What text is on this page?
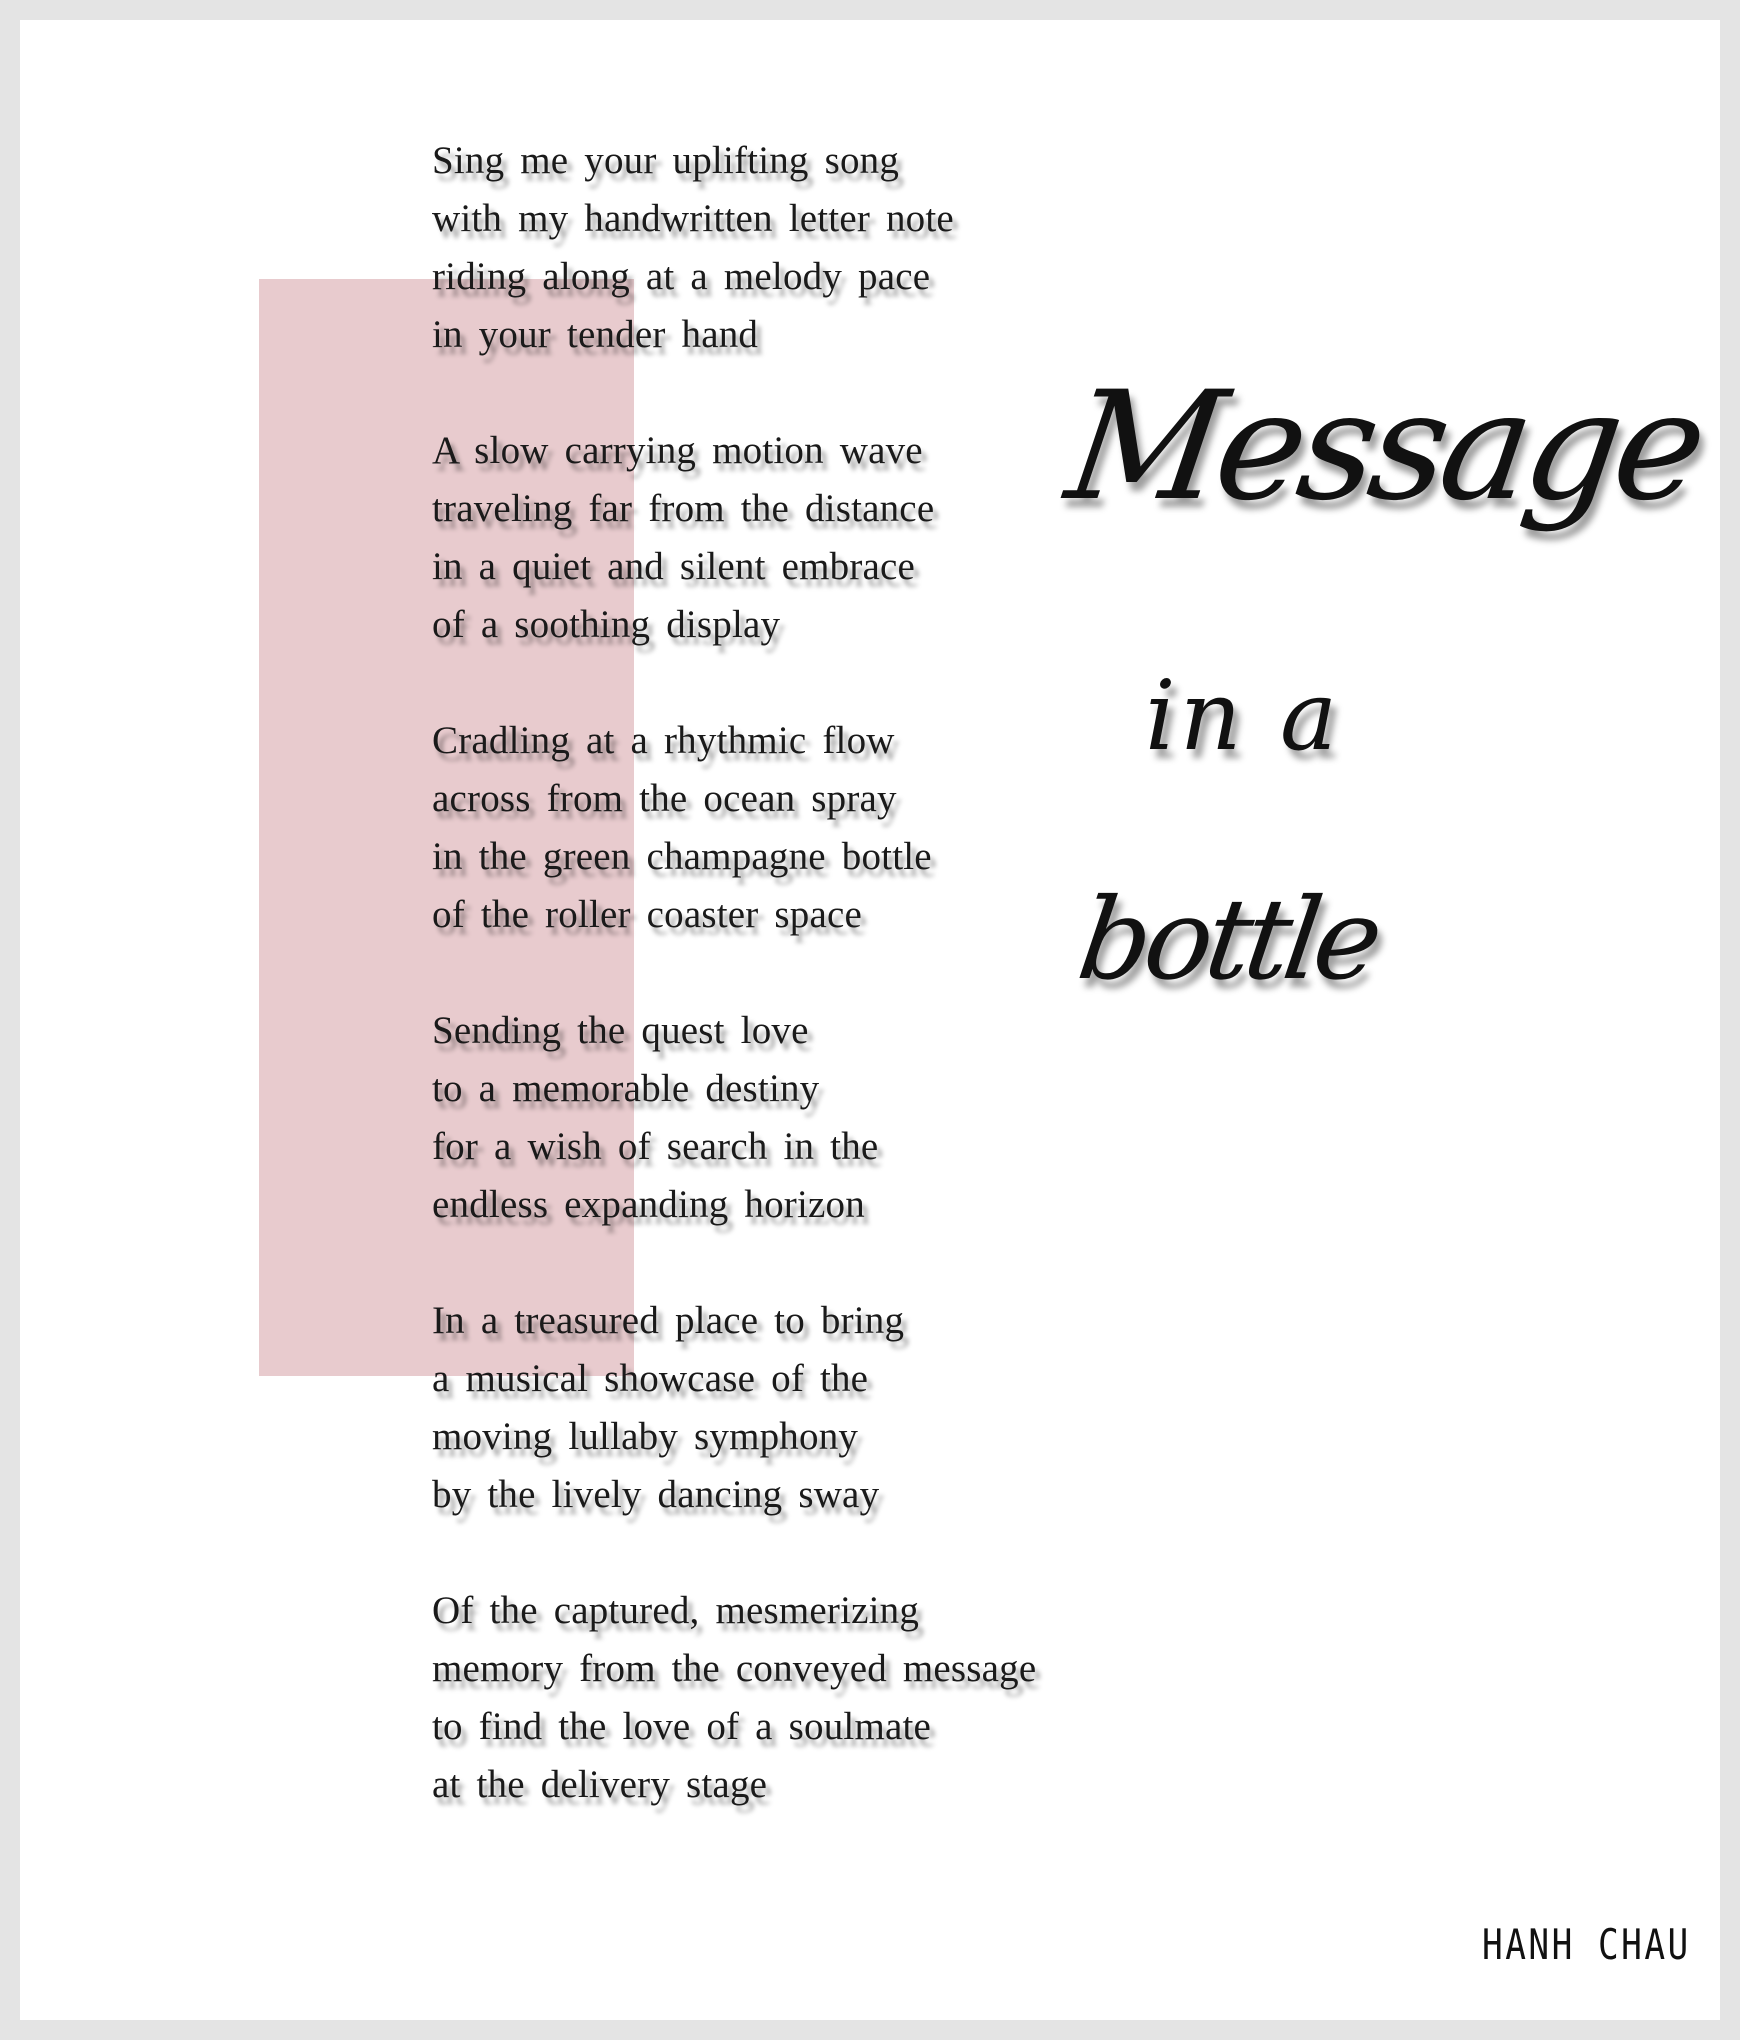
Sing me your uplifting song
with my handwritten letter note
riding along at a melody pace
in your tender hand
A slow carrying motion wave
traveling far from the distance
in a quiet and silent embrace
of a soothing display
Cradling at a rhythmic flow
across from the ocean spray
in the green champagne bottle
of the roller coaster space
Sending the quest love
to a memorable destiny
for a wish of search in the
endless expanding horizon
In a treasured place to bring
a musical showcase of the
moving lullaby symphony
by the lively dancing sway
Of the captured, mesmerizing
memory from the conveyed message
to find the love of a soulmate
at the delivery stage
Message
in a
bottle
HANH CHAU
